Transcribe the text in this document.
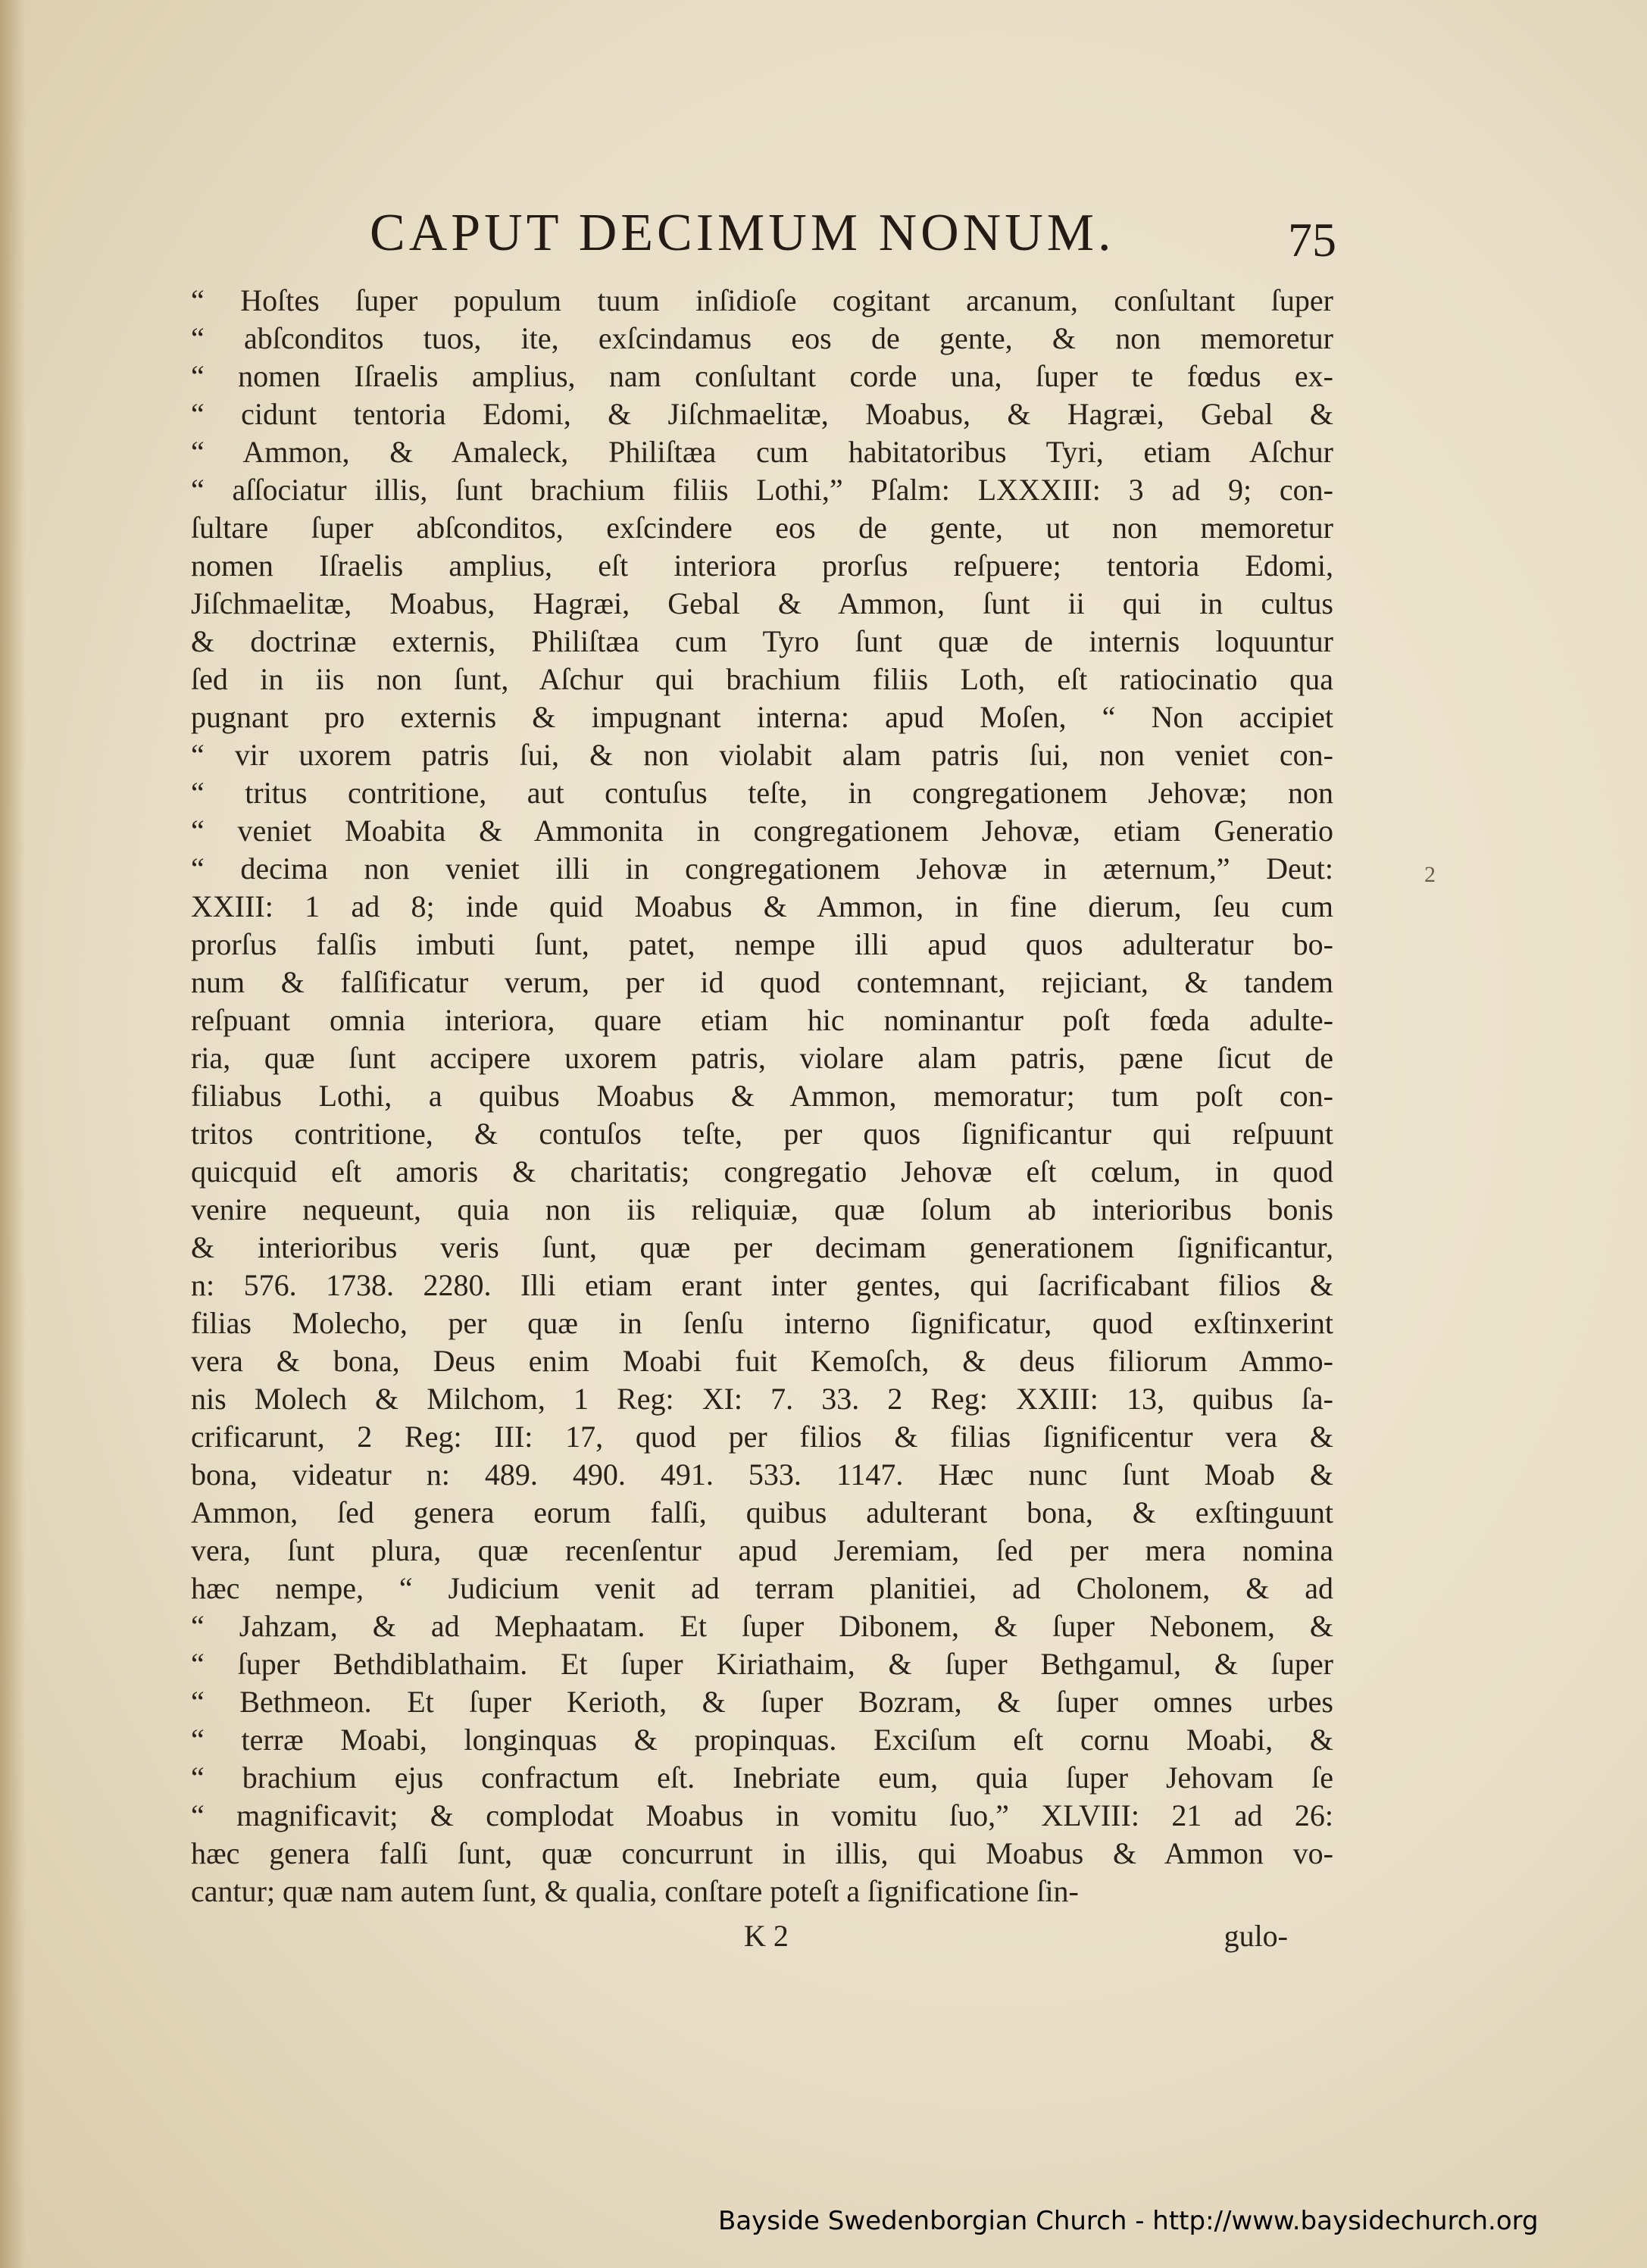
CAPUT DECIMUM NONUM.	75
“ Hoſtes ſuper populum tuum inſidioſe cogitant arcanum, conſultant ſuper
“ abſconditos tuos, ite, exſcindamus eos de gente, & non memoretur
“ nomen Iſraelis amplius, nam conſultant corde una, ſuper te fœdus ex-
“ cidunt tentoria Edomi, & Jiſchmaelitæ, Moabus, & Hagræi, Gebal &
“ Ammon, & Amaleck, Philiſtæa cum habitatoribus Tyri, etiam Aſchur
“ aſſociatur illis, ſunt brachium filiis Lothi,” Pſalm: LXXXIII: 3 ad 9; con-
ſultare ſuper abſconditos, exſcindere eos de gente, ut non memoretur
nomen Iſraelis amplius, eſt interiora prorſus reſpuere; tentoria Edomi,
Jiſchmaelitæ, Moabus, Hagræi, Gebal & Ammon, ſunt ii qui in cultus
& doctrinæ externis, Philiſtæa cum Tyro ſunt quæ de internis loquuntur
ſed in iis non ſunt, Aſchur qui brachium filiis Loth, eſt ratiocinatio qua
pugnant pro externis & impugnant interna: apud Moſen, “ Non accipiet
“ vir uxorem patris ſui, & non violabit alam patris ſui, non veniet con-
“ tritus contritione, aut contuſus teſte, in congregationem Jehovæ; non
“ veniet Moabita & Ammonita in congregationem Jehovæ, etiam Generatio
“ decima non veniet illi in congregationem Jehovæ in æternum,” Deut:
XXIII: 1 ad 8; inde quid Moabus & Ammon, in fine dierum, ſeu cum
prorſus falſis imbuti ſunt, patet, nempe illi apud quos adulteratur bo-
num & falſificatur verum, per id quod contemnant, rejiciant, & tandem
reſpuant omnia interiora, quare etiam hic nominantur poſt fœda adulte-
ria, quæ ſunt accipere uxorem patris, violare alam patris, pæne ſicut de
filiabus Lothi, a quibus Moabus & Ammon, memoratur; tum poſt con-
tritos contritione, & contuſos teſte, per quos ſignificantur qui reſpuunt
quicquid eſt amoris & charitatis; congregatio Jehovæ eſt cœlum, in quod
venire nequeunt, quia non iis reliquiæ, quæ ſolum ab interioribus bonis
& interioribus veris ſunt, quæ per decimam generationem ſignificantur,
n: 576. 1738. 2280. Illi etiam erant inter gentes, qui ſacrificabant filios &
filias Molecho, per quæ in ſenſu interno ſignificatur, quod exſtinxerint
vera & bona, Deus enim Moabi fuit Kemoſch, & deus filiorum Ammo-
nis Molech & Milchom, 1 Reg: XI: 7. 33. 2 Reg: XXIII: 13, quibus ſa-
crificarunt, 2 Reg: III: 17, quod per filios & filias ſignificentur vera &
bona, videatur n: 489. 490. 491. 533. 1147. Hæc nunc ſunt Moab &
Ammon, ſed genera eorum falſi, quibus adulterant bona, & exſtinguunt
vera, ſunt plura, quæ recenſentur apud Jeremiam, ſed per mera nomina
hæc nempe, “ Judicium venit ad terram planitiei, ad Cholonem, & ad
“ Jahzam, & ad Mephaatam. Et ſuper Dibonem, & ſuper Nebonem, &
“ ſuper Bethdiblathaim. Et ſuper Kiriathaim, & ſuper Bethgamul, & ſuper
“ Bethmeon. Et ſuper Kerioth, & ſuper Bozram, & ſuper omnes urbes
“ terræ Moabi, longinquas & propinquas. Exciſum eſt cornu Moabi, &
“ brachium ejus confractum eſt. Inebriate eum, quia ſuper Jehovam ſe
“ magnificavit; & complodat Moabus in vomitu ſuo,” XLVIII: 21 ad 26:
hæc genera falſi ſunt, quæ concurrunt in illis, qui Moabus & Ammon vo-
cantur; quæ nam autem ſunt, & qualia, conſtare poteſt a ſignificatione ſin-
2
K 2	gulo-
Bayside Swedenborgian Church - http://www.baysidechurch.org
